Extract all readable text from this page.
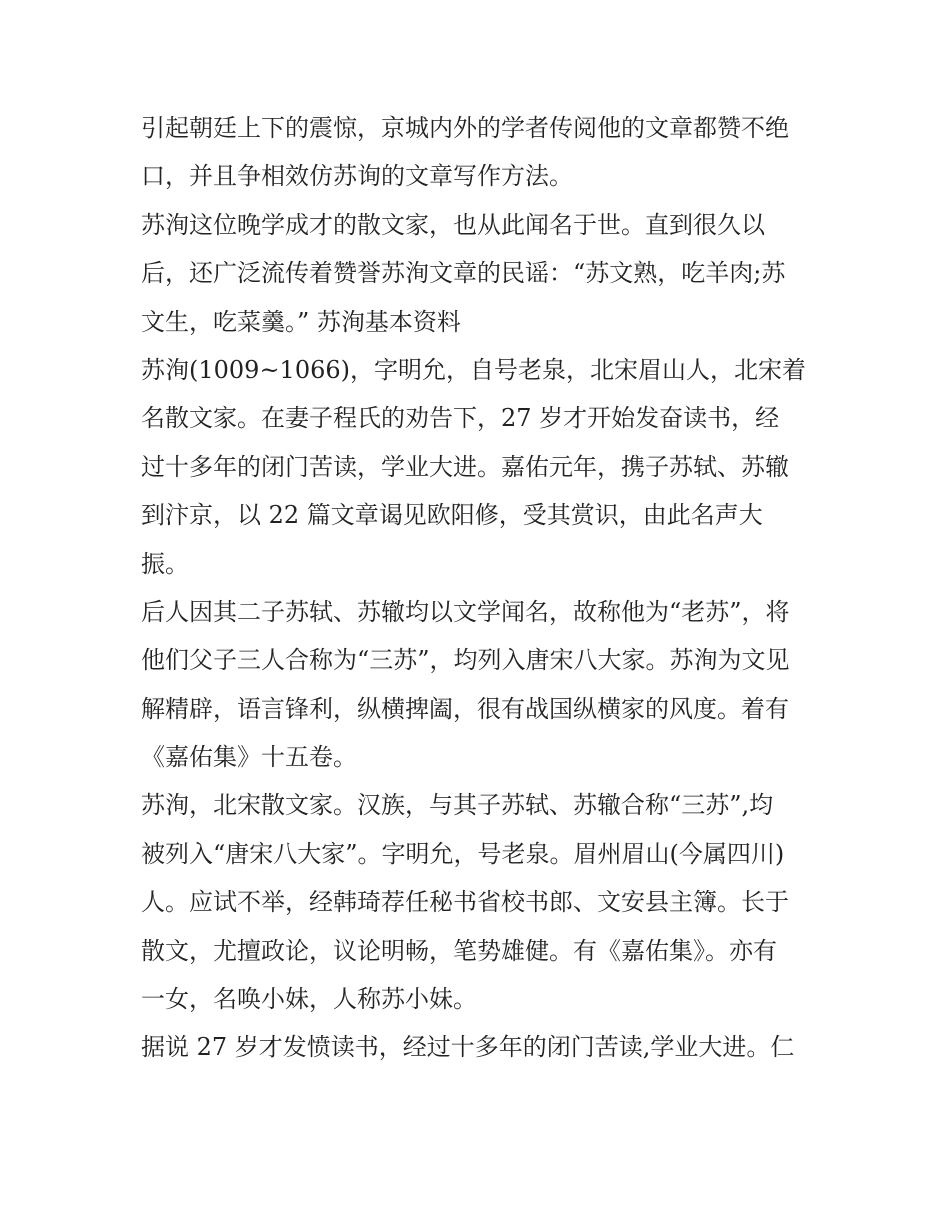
引起朝廷上下的震惊，京城内外的学者传阅他的文章都赞不绝
口，并且争相效仿苏询的文章写作方法。
苏洵这位晚学成才的散文家，也从此闻名于世。直到很久以
后，还广泛流传着赞誉苏洵文章的民谣：“苏文熟，吃羊肉;苏
文生，吃菜羹。” 苏洵基本资料
苏洵(1009~1066)，字明允，自号老泉，北宋眉山人，北宋着
名散文家。在妻子程氏的劝告下，27 岁才开始发奋读书，经
过十多年的闭门苦读，学业大进。嘉佑元年，携子苏轼、苏辙
到汴京，以 22 篇文章谒见欧阳修，受其赏识，由此名声大
振。
后人因其二子苏轼、苏辙均以文学闻名，故称他为“老苏”，将
他们父子三人合称为“三苏”，均列入唐宋八大家。苏洵为文见
解精辟，语言锋利，纵横捭阖，很有战国纵横家的风度。着有
《嘉佑集》十五卷。
苏洵，北宋散文家。汉族，与其子苏轼、苏辙合称“三苏”,均
被列入“唐宋八大家”。字明允，号老泉。眉州眉山(今属四川)
人。应试不举，经韩琦荐任秘书省校书郎、文安县主簿。长于
散文，尤擅政论，议论明畅，笔势雄健。有《嘉佑集》。亦有
一女，名唤小妹，人称苏小妹。
据说 27 岁才发愤读书，经过十多年的闭门苦读,学业大进。仁
